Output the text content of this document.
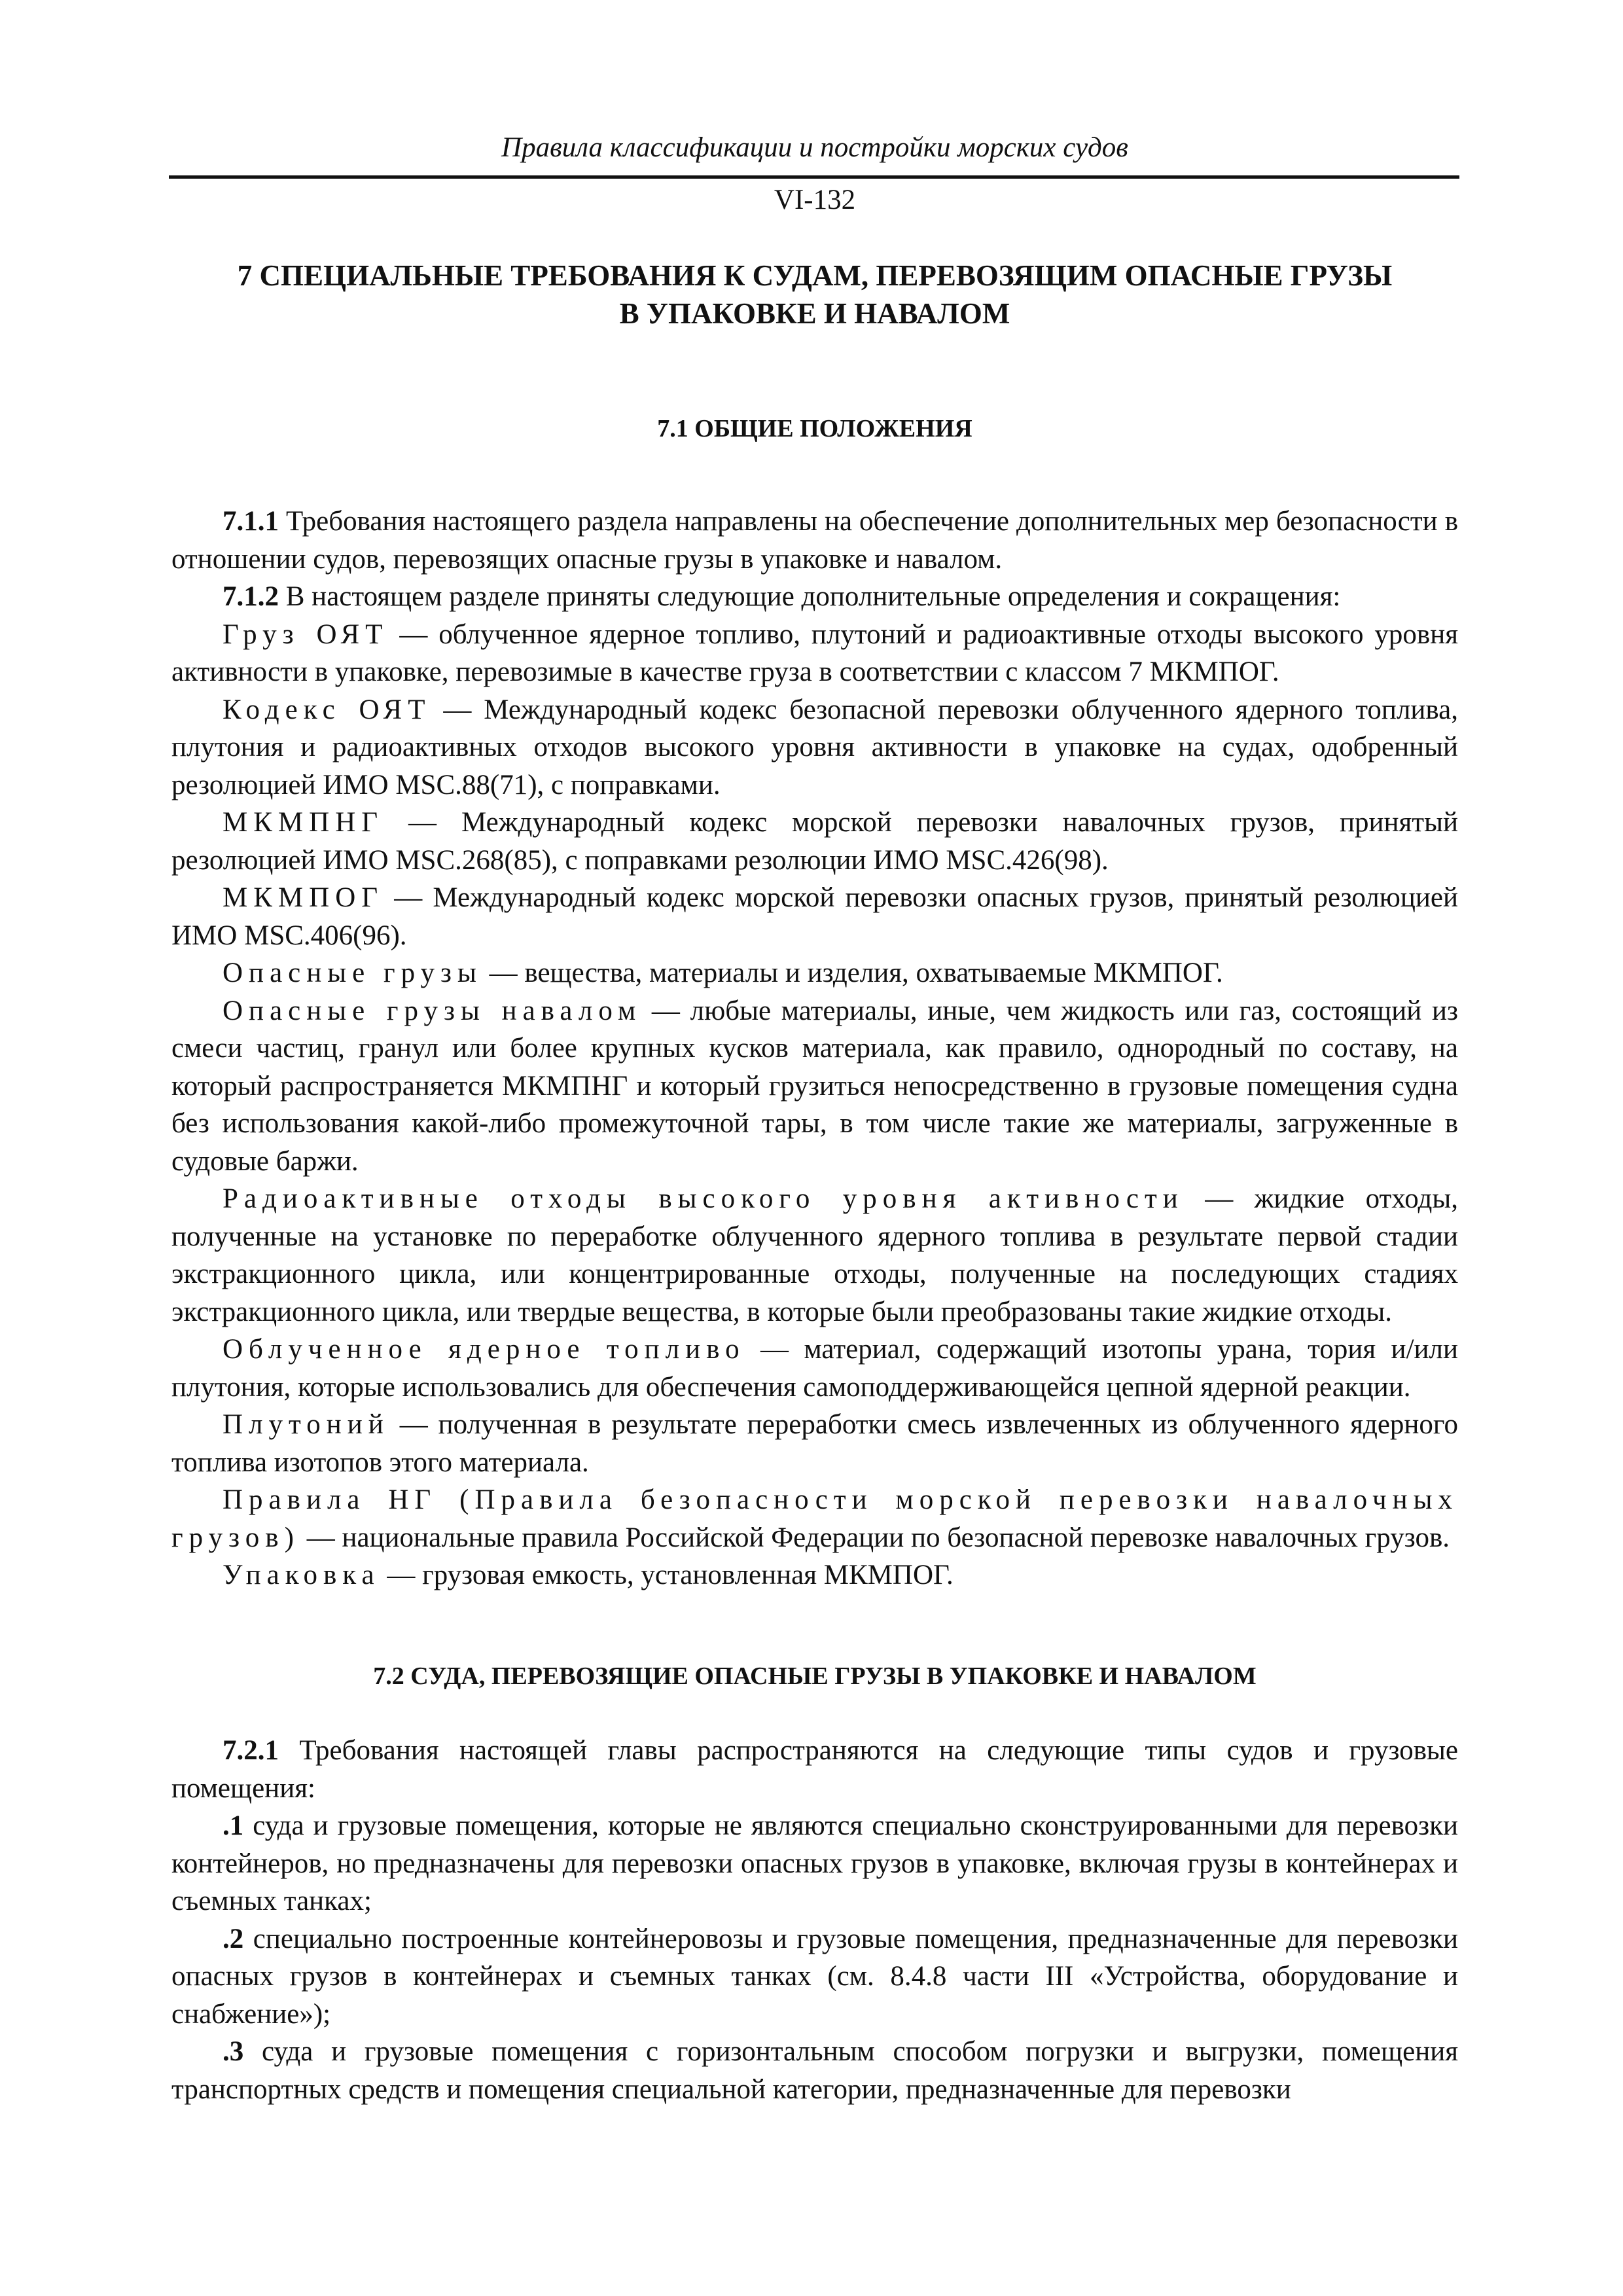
Правила классификации и постройки морских судов
VI-132
7 СПЕЦИАЛЬНЫЕ ТРЕБОВАНИЯ К СУДАМ, ПЕРЕВОЗЯЩИМ ОПАСНЫЕ ГРУЗЫ
В УПАКОВКЕ И НАВАЛОМ
7.1 ОБЩИЕ ПОЛОЖЕНИЯ

7.1.1 Требования настоящего раздела направлены на обеспечение дополнительных мер безопасности в отношении судов, перевозящих опасные грузы в упаковке и навалом.

7.1.2 В настоящем разделе приняты следующие дополнительные определения и сокращения:

Груз ОЯТ — облученное ядерное топливо, плутоний и радиоактивные отходы высокого уровня активности в упаковке, перевозимые в качестве груза в соответствии с классом 7 МКМПОГ.

Кодекс ОЯТ — Международный кодекс безопасной перевозки облученного ядерного топлива, плутония и радиоактивных отходов высокого уровня активности в упаковке на судах, одобренный резолюцией ИМО MSC.88(71), с поправками.

МКМПНГ — Международный кодекс морской перевозки навалочных грузов, принятый резолюцией ИМО MSC.268(85), с поправками резолюции ИМО MSC.426(98).

МКМПОГ — Международный кодекс морской перевозки опасных грузов, принятый резолюцией ИМО MSC.406(96).

Опасные грузы — вещества, материалы и изделия, охватываемые МКМПОГ.

Опасные грузы навалом — любые материалы, иные, чем жидкость или газ, состоящий из смеси частиц, гранул или более крупных кусков материала, как правило, однородный по составу, на который распространяется МКМПНГ и который грузиться непосредственно в грузовые помещения судна без использования какой-либо промежуточной тары, в том числе такие же материалы, загруженные в судовые баржи.

Радиоактивные отходы высокого уровня активности — жидкие отходы, полученные на установке по переработке облученного ядерного топлива в результате первой стадии экстракционного цикла, или концентрированные отходы, полученные на последующих стадиях экстракционного цикла, или твердые вещества, в которые были преобразованы такие жидкие отходы.

Облученное ядерное топливо — материал, содержащий изотопы урана, тория и/или плутония, которые использовались для обеспечения самоподдерживающейся цепной ядерной реакции.

Плутоний — полученная в результате переработки смесь извлеченных из облученного ядерного топлива изотопов этого материала.

Правила НГ (Правила безопасности морской перевозки навалочных грузов) — национальные правила Российской Федерации по безопасной перевозке навалочных грузов.

Упаковка — грузовая емкость, установленная МКМПОГ.

7.2 СУДА, ПЕРЕВОЗЯЩИЕ ОПАСНЫЕ ГРУЗЫ В УПАКОВКЕ И НАВАЛОМ

7.2.1 Требования настоящей главы распространяются на следующие типы судов и грузовые помещения:

.1 суда и грузовые помещения, которые не являются специально сконструированными для перевозки контейнеров, но предназначены для перевозки опасных грузов в упаковке, включая грузы в контейнерах и съемных танках;

.2 специально построенные контейнеровозы и грузовые помещения, предназначенные для перевозки опасных грузов в контейнерах и съемных танках (см. 8.4.8 части III «Устройства, оборудование и снабжение»);

.3 суда и грузовые помещения с горизонтальным способом погрузки и выгрузки, помещения транспортных средств и помещения специальной категории, предназначенные для перевозки
